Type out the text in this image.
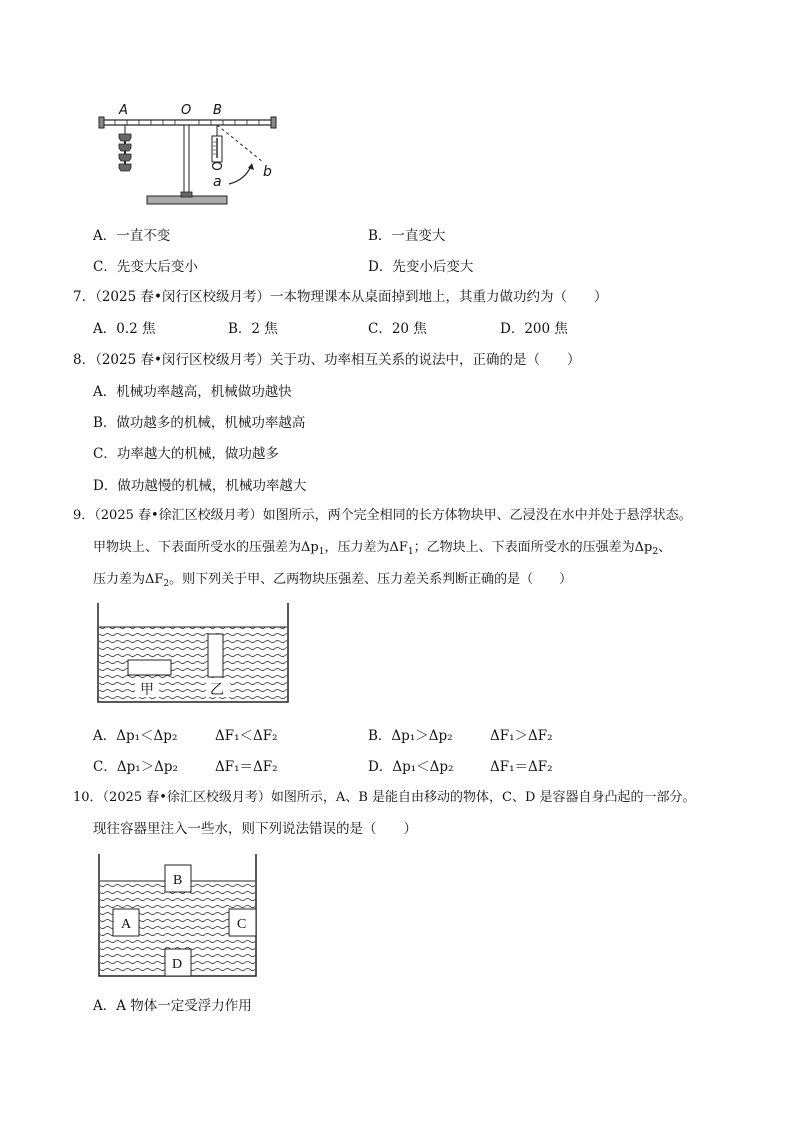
A	O B
a
b
A．一直不变	B．一直变大
C．先变大后变小	D．先变小后变大
7．（2025 春•闵行区校级月考）一本物理课本从桌面掉到地上，其重力做功约为（　　）
A．0.2 焦	B．2 焦	C．20 焦	D．200 焦
8．（2025 春•闵行区校级月考）关于功、功率相互关系的说法中，正确的是（　　）
A．机械功率越高，机械做功越快
B．做功越多的机械，机械功率越高
C．功率越大的机械，做功越多
D．做功越慢的机械，机械功率越大
9．（2025 春•徐汇区校级月考）如图所示，两个完全相同的长方体物块甲、乙浸没在水中并处于悬浮状态。
甲物块上、下表面所受水的压强差为$\Delta p_1$，压力差为$\Delta F_1$；乙物块上、下表面所受水的压强差为$\Delta p_2$、
压力差为$\Delta F_2$。则下列关于甲、乙两物块压强差、压力差关系判断正确的是（　　）
甲	乙
A．Δp₁＜Δp₂	ΔF₁＜ΔF₂	B．Δp₁＞Δp₂	ΔF₁＞ΔF₂
C．Δp₁＞Δp₂	ΔF₁＝ΔF₂	D．Δp₁＜Δp₂	ΔF₁＝ΔF₂
10．（2025 春•徐汇区校级月考）如图所示，A、B 是能自由移动的物体，C、D 是容器自身凸起的一部分。
现往容器里注入一些水，则下列说法错误的是（　　）
B
A	C
D
A．A 物体一定受浮力作用
